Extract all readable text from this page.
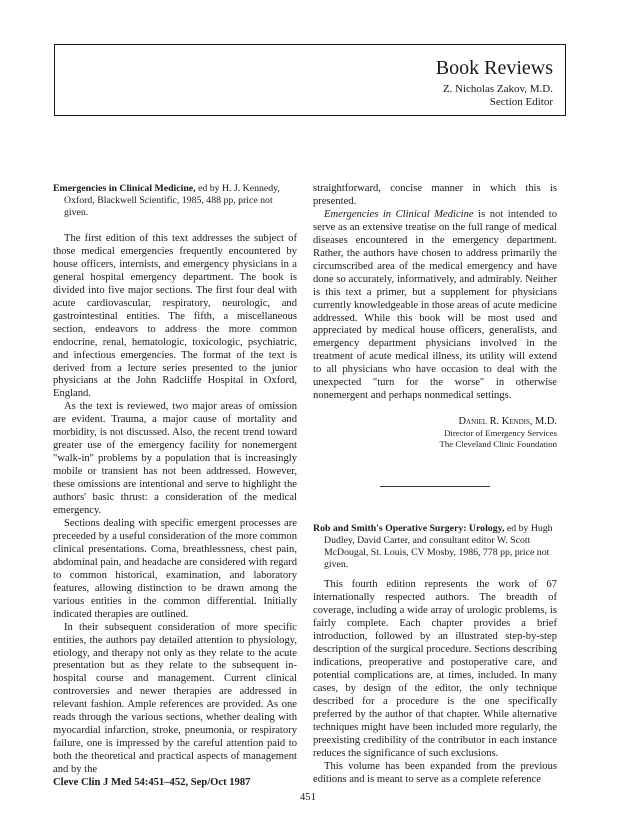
Book Reviews
Z. Nicholas Zakov, M.D.
Section Editor

Emergencies in Clinical Medicine, ed by H. J. Kennedy, Oxford, Blackwell Scientific, 1985, 488 pp, price not given.

The first edition of this text addresses the subject of those medical emergencies frequently encountered by house officers, internists, and emergency physicians in a general hospital emergency department. The book is divided into five major sections. The first four deal with acute cardiovascular, respiratory, neurologic, and gastrointestinal entities. The fifth, a miscellaneous section, endeavors to address the more common endocrine, renal, hematologic, toxicologic, psychiatric, and infectious emergencies. The format of the text is derived from a lecture series presented to the junior physicians at the John Radcliffe Hospital in Oxford, England.

As the text is reviewed, two major areas of omission are evident. Trauma, a major cause of mortality and morbidity, is not discussed. Also, the recent trend toward greater use of the emergency facility for nonemergent "walk-in" problems by a population that is increasingly mobile or transient has not been addressed. However, these omissions are intentional and serve to highlight the authors' basic thrust: a consideration of the medical emergency.

Sections dealing with specific emergent processes are preceeded by a useful consideration of the more common clinical presentations. Coma, breathlessness, chest pain, abdominal pain, and headache are considered with regard to common historical, examination, and laboratory features, allowing distinction to be drawn among the various entities in the common differential. Initially indicated therapies are outlined.

In their subsequent consideration of more specific entities, the authors pay detailed attention to physiology, etiology, and therapy not only as they relate to the acute presentation but as they relate to the subsequent in-hospital course and management. Current clinical controversies and newer therapies are addressed in relevant fashion. Ample references are provided. As one reads through the various sections, whether dealing with myocardial infarction, stroke, pneumonia, or respiratory failure, one is impressed by the careful attention paid to both the theoretical and practical aspects of management and by the

straightforward, concise manner in which this is presented.

Emergencies in Clinical Medicine is not intended to serve as an extensive treatise on the full range of medical diseases encountered in the emergency department. Rather, the authors have chosen to address primarily the circumscribed area of the medical emergency and have done so accurately, informatively, and admirably. Neither is this text a primer, but a supplement for physicians currently knowledgeable in those areas of acute medicine addressed. While this book will be most used and appreciated by medical house officers, generalists, and emergency department physicians involved in the treatment of acute medical illness, its utility will extend to all physicians who have occasion to deal with the unexpected "turn for the worse" in otherwise nonemergent and perhaps nonmedical settings.

Daniel R. Kendis, M.D.
Director of Emergency Services
The Cleveland Clinic Foundation

Rob and Smith's Operative Surgery: Urology, ed by Hugh Dudley, David Carter, and consultant editor W. Scott McDougal, St. Louis, CV Mosby, 1986, 778 pp, price not given.

This fourth edition represents the work of 67 internationally respected authors. The breadth of coverage, including a wide array of urologic problems, is fairly complete. Each chapter provides a brief introduction, followed by an illustrated step-by-step description of the surgical procedure. Sections describing indications, preoperative and postoperative care, and potential complications are, at times, included. In many cases, by design of the editor, the only technique described for a procedure is the one specifically preferred by the author of that chapter. While alternative techniques might have been included more regularly, the preexisting credibility of the contributor in each instance reduces the significance of such exclusions.

This volume has been expanded from the previous editions and is meant to serve as a complete reference

Cleve Clin J Med 54:451–452, Sep/Oct 1987
451
